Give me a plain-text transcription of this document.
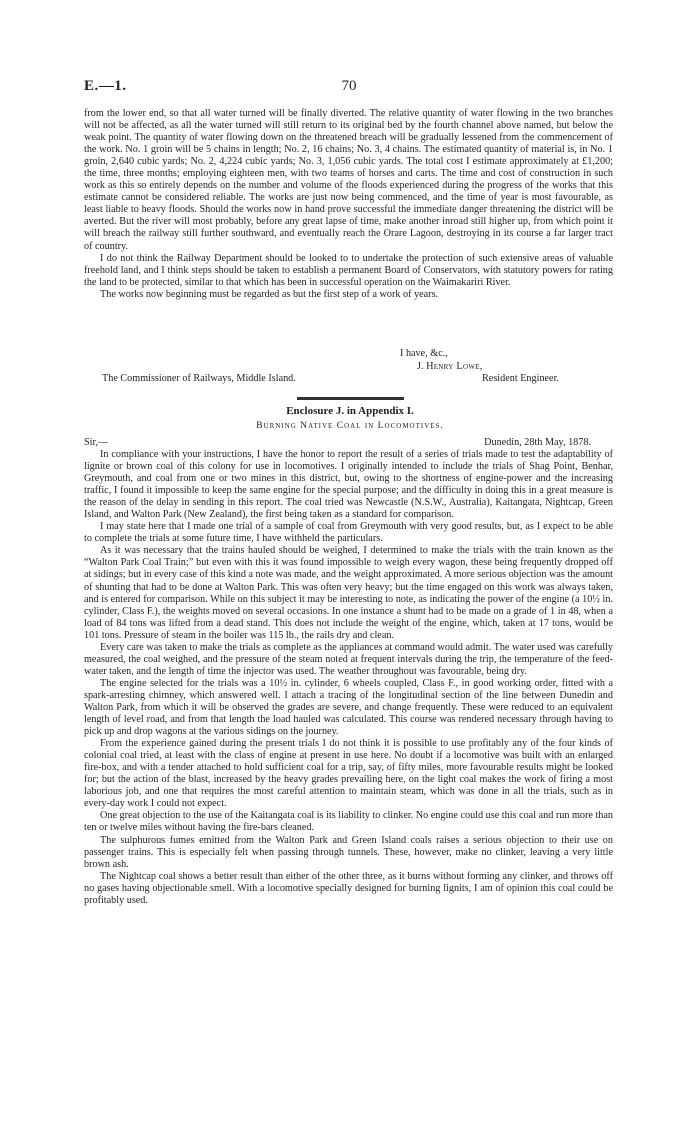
E.—1.	70

from the lower end, so that all water turned will be finally diverted. The relative quantity of water flowing in the two branches will not be affected, as all the water turned will still return to its original bed by the fourth channel above named, but below the weak point. The quantity of water flowing down on the threatened breach will be gradually lessened from the commencement of the work. No. 1 groin will be 5 chains in length; No. 2, 16 chains; No. 3, 4 chains. The estimated quantity of material is, in No. 1 groin, 2,640 cubic yards; No. 2, 4,224 cubic yards; No. 3, 1,056 cubic yards. The total cost I estimate approximately at £1,200; the time, three months; employing eighteen men, with two teams of horses and carts. The time and cost of construction in such work as this so entirely depends on the number and volume of the floods experienced during the progress of the works that this estimate cannot be considered reliable. The works are just now being commenced, and the time of year is most favourable, as least liable to heavy floods. Should the works now in hand prove successful the immediate danger threatening the district will be averted. But the river will most probably, before any great lapse of time, make another inroad still higher up, from which point it will breach the railway still further southward, and eventually reach the Orare Lagoon, destroying in its course a far larger tract of country.

I do not think the Railway Department should be looked to to undertake the protection of such extensive areas of valuable freehold land, and I think steps should be taken to establish a permanent Board of Conservators, with statutory powers for rating the land to be protected, similar to that which has been in successful operation on the Waimakariri River.

The works now beginning must be regarded as but the first step of a work of years.

I have, &c.,
J. Henry Lowe,
The Commissioner of Railways, Middle Island.	Resident Engineer.
Enclosure J. in Appendix I.
Burning Native Coal in Locomotives.
Sir,—	Dunedin, 28th May, 1878.

In compliance with your instructions, I have the honor to report the result of a series of trials made to test the adaptability of lignite or brown coal of this colony for use in locomotives. I originally intended to include the trials of Shag Point, Benhar, Greymouth, and coal from one or two mines in this district, but, owing to the shortness of engine-power and the increasing traffic, I found it impossible to keep the same engine for the special purpose; and the difficulty in doing this in a great measure is the reason of the delay in sending in this report. The coal tried was Newcastle (N.S.W., Australia), Kaitangata, Nightcap, Green Island, and Walton Park (New Zealand), the first being taken as a standard for comparison.

I may state here that I made one trial of a sample of coal from Greymouth with very good results, but, as I expect to be able to complete the trials at some future time, I have withheld the particulars.

As it was necessary that the trains hauled should be weighed, I determined to make the trials with the train known as the “Walton Park Coal Train;” but even with this it was found impossible to weigh every wagon, these being frequently dropped off at sidings; but in every case of this kind a note was made, and the weight approximated. A more serious objection was the amount of shunting that had to be done at Walton Park. This was often very heavy; but the time engaged on this work was always taken, and is entered for comparison. While on this subject it may be interesting to note, as indicating the power of the engine (a 10½ in. cylinder, Class F.), the weights moved on several occasions. In one instance a shunt had to be made on a grade of 1 in 48, when a load of 84 tons was lifted from a dead stand. This does not include the weight of the engine, which, taken at 17 tons, would be 101 tons. Pressure of steam in the boiler was 115 lb., the rails dry and clean.

Every care was taken to make the trials as complete as the appliances at command would admit. The water used was carefully measured, the coal weighed, and the pressure of the steam noted at frequent intervals during the trip, the temperature of the feed-water taken, and the length of time the injector was used. The weather throughout was favourable, being dry.

The engine selected for the trials was a 10½ in. cylinder, 6 wheels coupled, Class F., in good working order, fitted with a spark-arresting chimney, which answered well. I attach a tracing of the longitudinal section of the line between Dunedin and Walton Park, from which it will be observed the grades are severe, and change frequently. These were reduced to an equivalent length of level road, and from that length the load hauled was calculated. This course was rendered necessary through having to pick up and drop wagons at the various sidings on the journey.

From the experience gained during the present trials I do not think it is possible to use profitably any of the four kinds of colonial coal tried, at least with the class of engine at present in use here. No doubt if a locomotive was built with an enlarged fire-box, and with a tender attached to hold sufficient coal for a trip, say, of fifty miles, more favourable results might be looked for; but the action of the blast, increased by the heavy grades prevailing here, on the light coal makes the work of firing a most laborious job, and one that requires the most careful attention to maintain steam, which was done in all the trials, such as in every-day work I could not expect.

One great objection to the use of the Kaitangata coal is its liability to clinker. No engine could use this coal and run more than ten or twelve miles without having the fire-bars cleaned.

The sulphurous fumes emitted from the Walton Park and Green Island coals raises a serious objection to their use on passenger trains. This is especially felt when passing through tunnels. These, however, make no clinker, leaving a very little brown ash.

The Nightcap coal shows a better result than either of the other three, as it burns without forming any clinker, and throws off no gases having objectionable smell. With a locomotive specially designed for burning lignits, I am of opinion this coal could be profitably used.
